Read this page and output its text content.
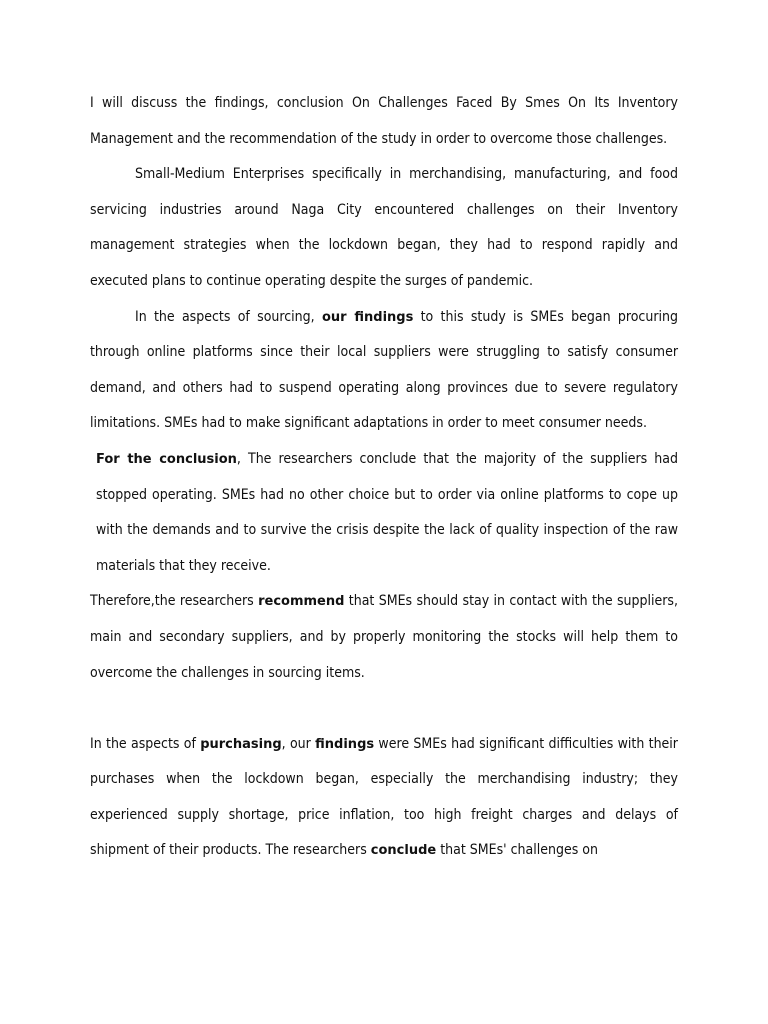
I will discuss the findings, conclusion On Challenges Faced By Smes On Its Inventory Management and the recommendation of the study in order to overcome those challenges.

Small-Medium Enterprises specifically in merchandising, manufacturing, and food servicing industries around Naga City encountered challenges on their Inventory management strategies when the lockdown began, they had to respond rapidly and executed plans to continue operating despite the surges of pandemic.

In the aspects of sourcing, our findings to this study is SMEs began procuring through online platforms since their local suppliers were struggling to satisfy consumer demand, and others had to suspend operating along provinces due to severe regulatory limitations. SMEs had to make significant adaptations in order to meet consumer needs.

For the conclusion, The researchers conclude that the majority of the suppliers had stopped operating. SMEs had no other choice but to order via online platforms to cope up with the demands and to survive the crisis despite the lack of quality inspection of the raw materials that they receive.

Therefore,the researchers recommend that SMEs should stay in contact with the suppliers, main and secondary suppliers, and by properly monitoring the stocks will help them to overcome the challenges in sourcing items.

In the aspects of purchasing, our findings were SMEs had significant difficulties with their purchases when the lockdown began, especially the merchandising industry; they experienced supply shortage, price inflation, too high freight charges and delays of shipment of their products. The researchers conclude that SMEs' challenges on
